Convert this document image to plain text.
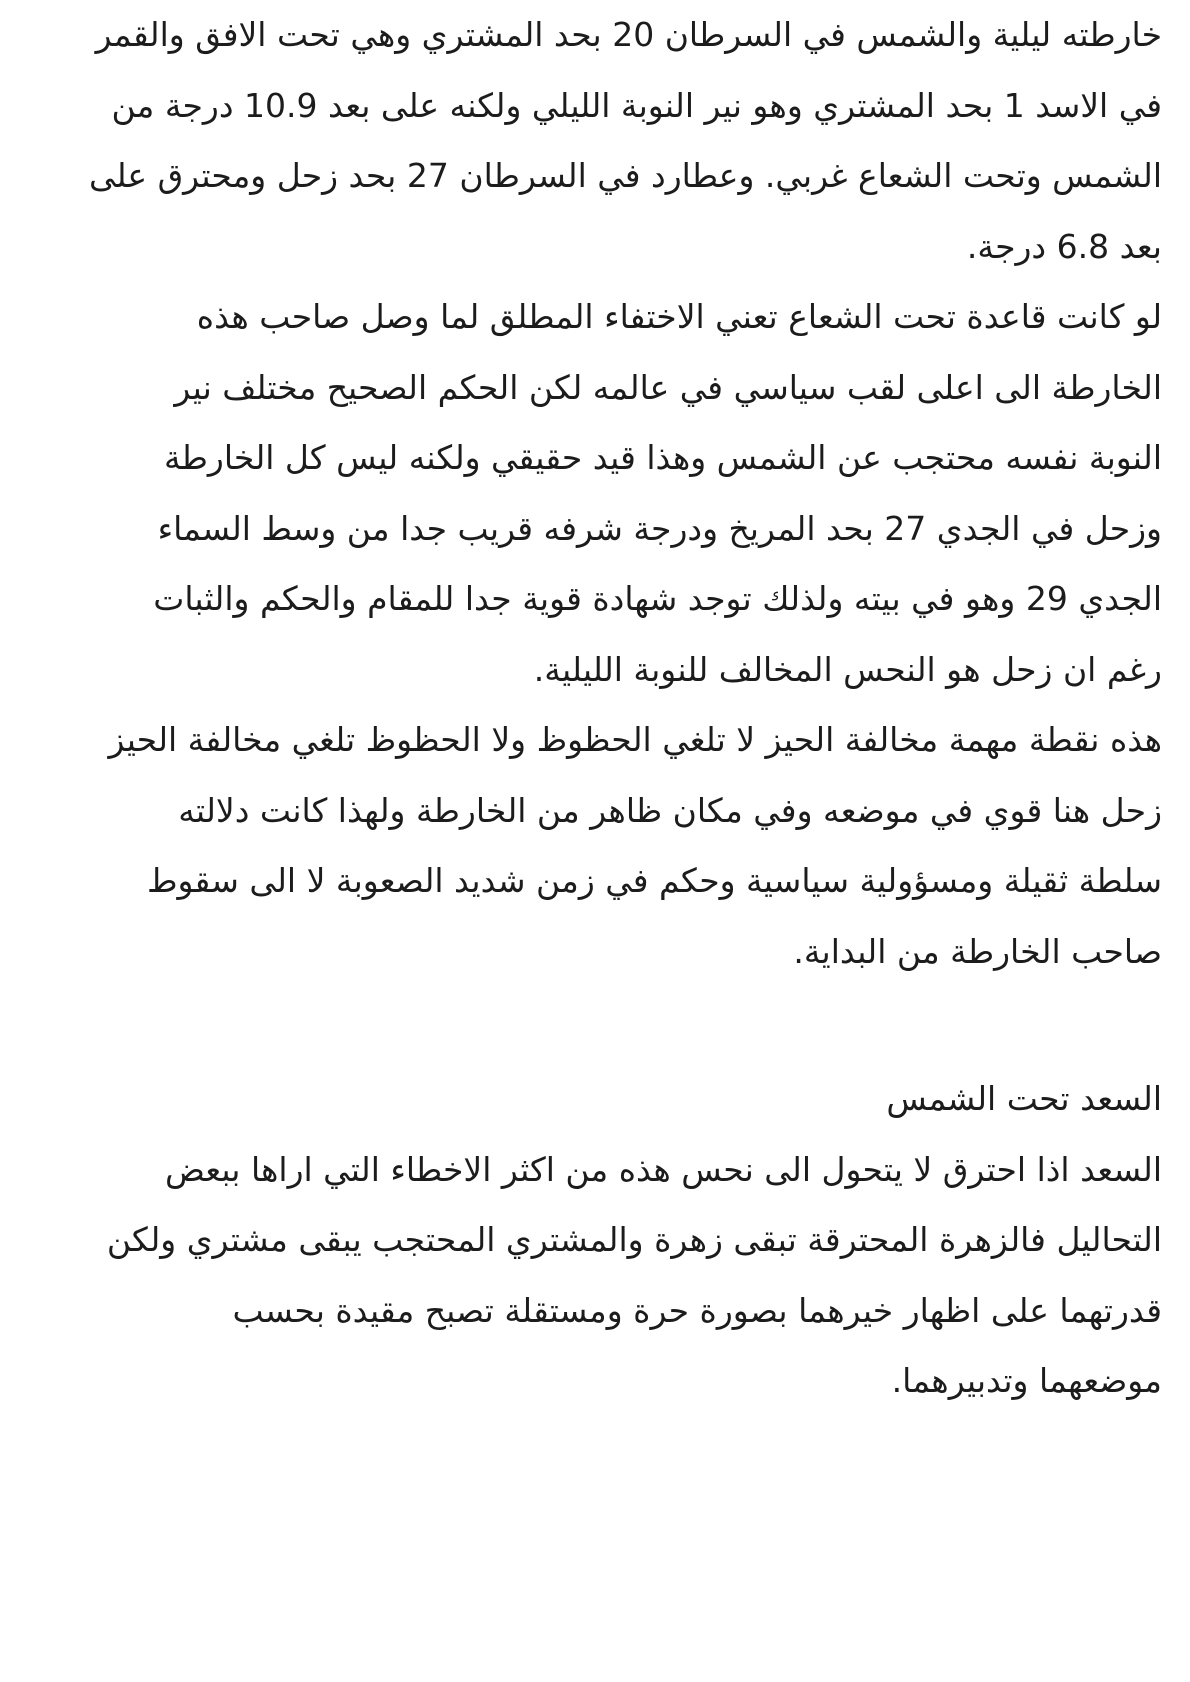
خارطته ليلية والشمس في السرطان 20 بحد المشتري وهي تحت الافق والقمر
في الاسد 1 بحد المشتري وهو نير النوبة الليلي ولكنه على بعد 10.9 درجة من
الشمس وتحت الشعاع غربي. وعطارد في السرطان 27 بحد زحل ومحترق على
بعد 6.8 درجة.
لو كانت قاعدة تحت الشعاع تعني الاختفاء المطلق لما وصل صاحب هذه
الخارطة الى اعلى لقب سياسي في عالمه لكن الحكم الصحيح مختلف نير
النوبة نفسه محتجب عن الشمس وهذا قيد حقيقي ولكنه ليس كل الخارطة
وزحل في الجدي 27 بحد المريخ ودرجة شرفه قريب جدا من وسط السماء
الجدي 29 وهو في بيته ولذلك توجد شهادة قوية جدا للمقام والحكم والثبات
رغم ان زحل هو النحس المخالف للنوبة الليلية.
هذه نقطة مهمة مخالفة الحيز لا تلغي الحظوظ ولا الحظوظ تلغي مخالفة الحيز
زحل هنا قوي في موضعه وفي مكان ظاهر من الخارطة ولهذا كانت دلالته
سلطة ثقيلة ومسؤولية سياسية وحكم في زمن شديد الصعوبة لا الى سقوط
صاحب الخارطة من البداية.
السعد تحت الشمس
السعد اذا احترق لا يتحول الى نحس هذه من اكثر الاخطاء التي اراها ببعض
التحاليل فالزهرة المحترقة تبقى زهرة والمشتري المحتجب يبقى مشتري ولكن
قدرتهما على اظهار خيرهما بصورة حرة ومستقلة تصبح مقيدة بحسب
موضعهما وتدبيرهما.
